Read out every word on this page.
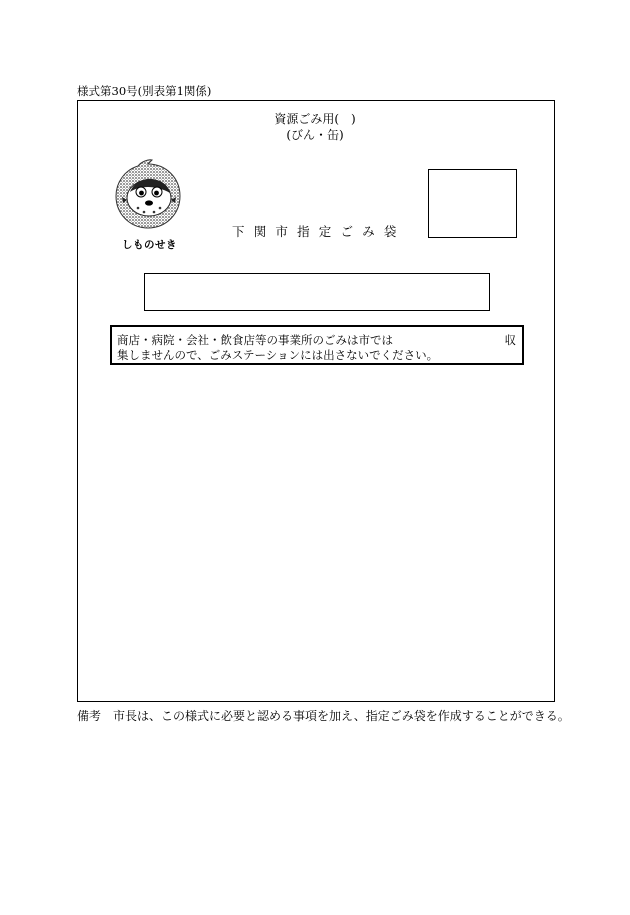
様式第30号(別表第1関係)
資源ごみ用(　)
(びん・缶)
しものせき
下関市指定ごみ袋
商店・病院・会社・飲食店等の事業所のごみは市では	収
集しませんので、ごみステーションには出さないでください。
備考 市長は、この様式に必要と認める事項を加え、指定ごみ袋を作成することができる。
